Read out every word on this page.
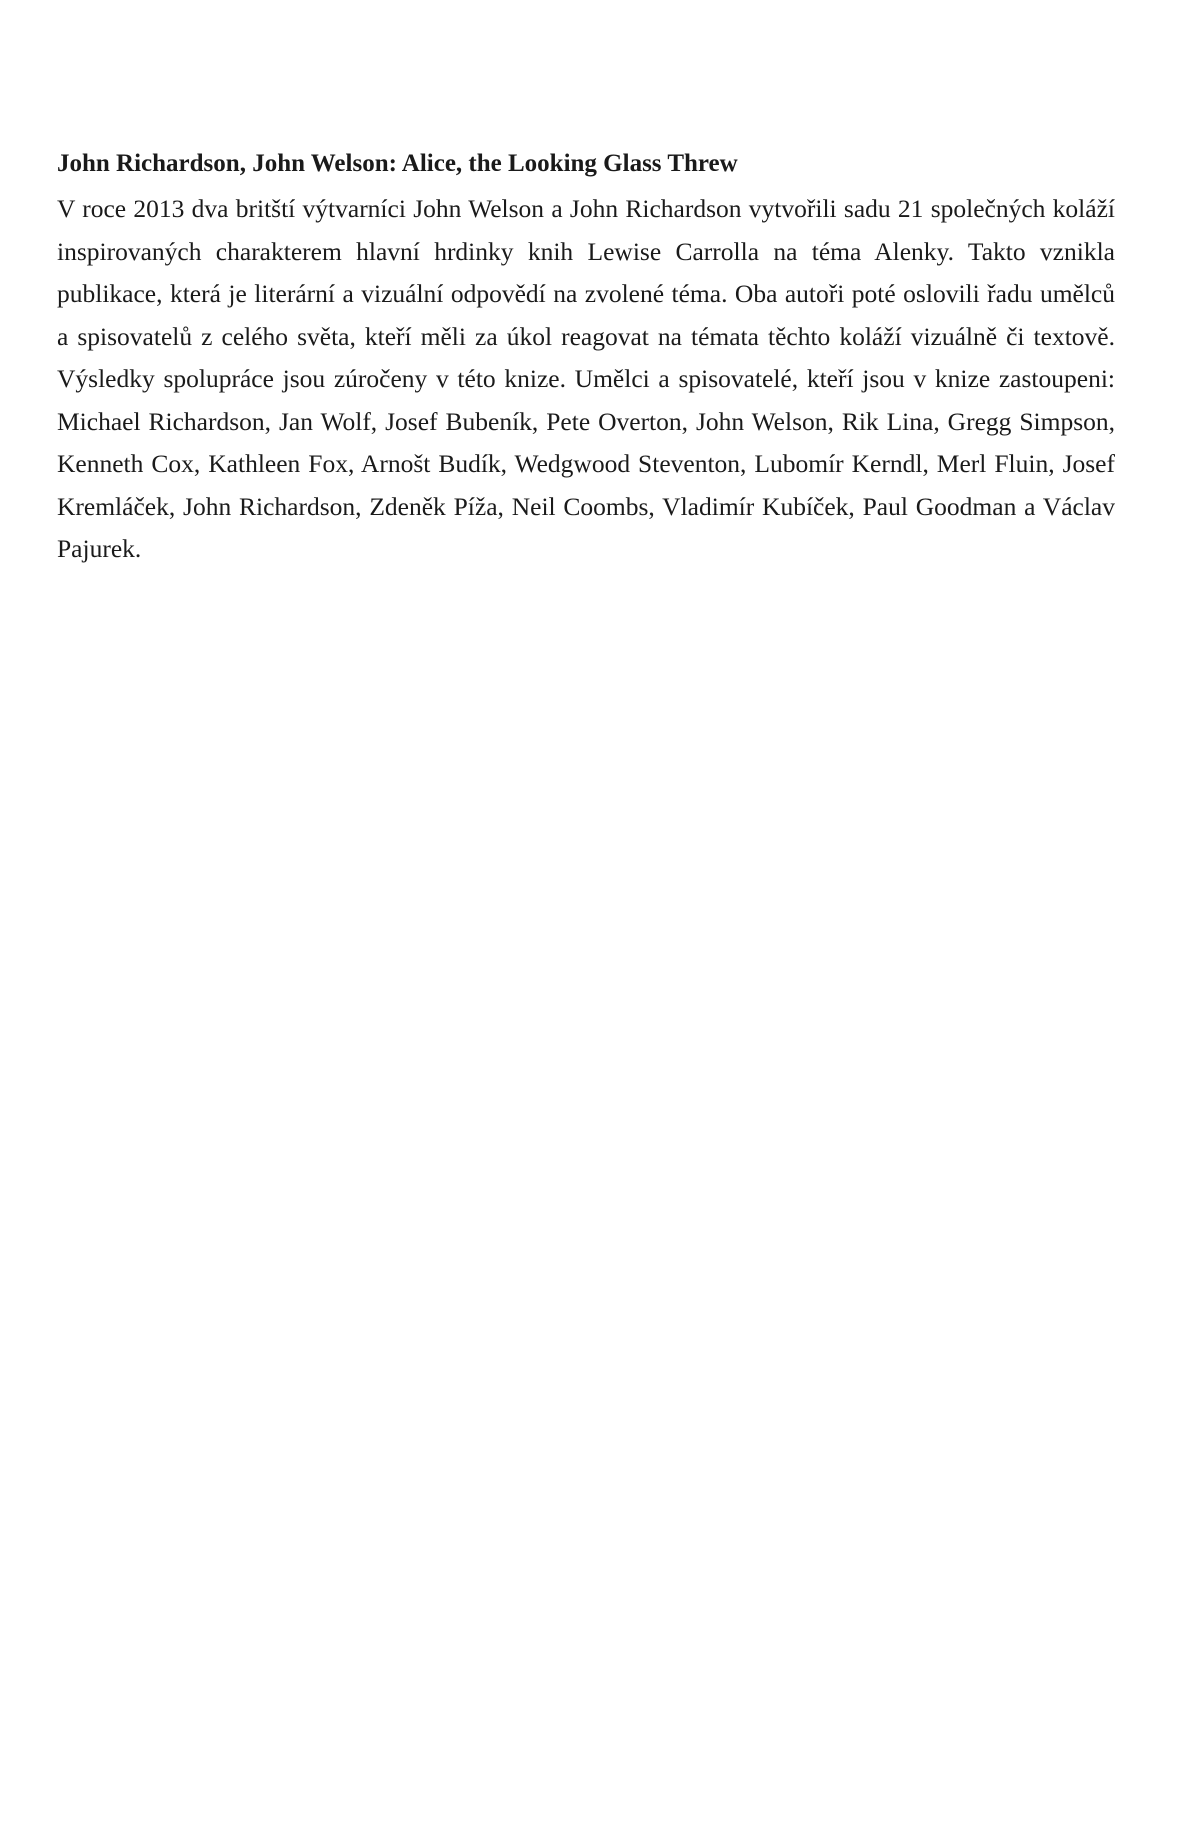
John Richardson, John Welson: Alice, the Looking Glass Threw

V roce 2013 dva britští výtvarníci John Welson a John Richardson vytvořili sadu 21 společných koláží inspirovaných charakterem hlavní hrdinky knih Lewise Carrolla na téma Alenky. Takto vznikla publikace, která je literární a vizuální odpovědí na zvolené téma. Oba autoři poté oslovili řadu umělců a spisovatelů z celého světa, kteří měli za úkol reagovat na témata těchto koláží vizuálně či textově. Výsledky spolupráce jsou zúročeny v této knize. Umělci a spisovatelé, kteří jsou v knize zastoupeni: Michael Richardson, Jan Wolf, Josef Bubeník, Pete Overton, John Welson, Rik Lina, Gregg Simpson, Kenneth Cox, Kathleen Fox, Arnošt Budík, Wedgwood Steventon, Lubomír Kerndl, Merl Fluin, Josef Kremláček, John Richardson, Zdeněk Píža, Neil Coombs, Vladimír Kubíček, Paul Goodman a Václav Pajurek.
